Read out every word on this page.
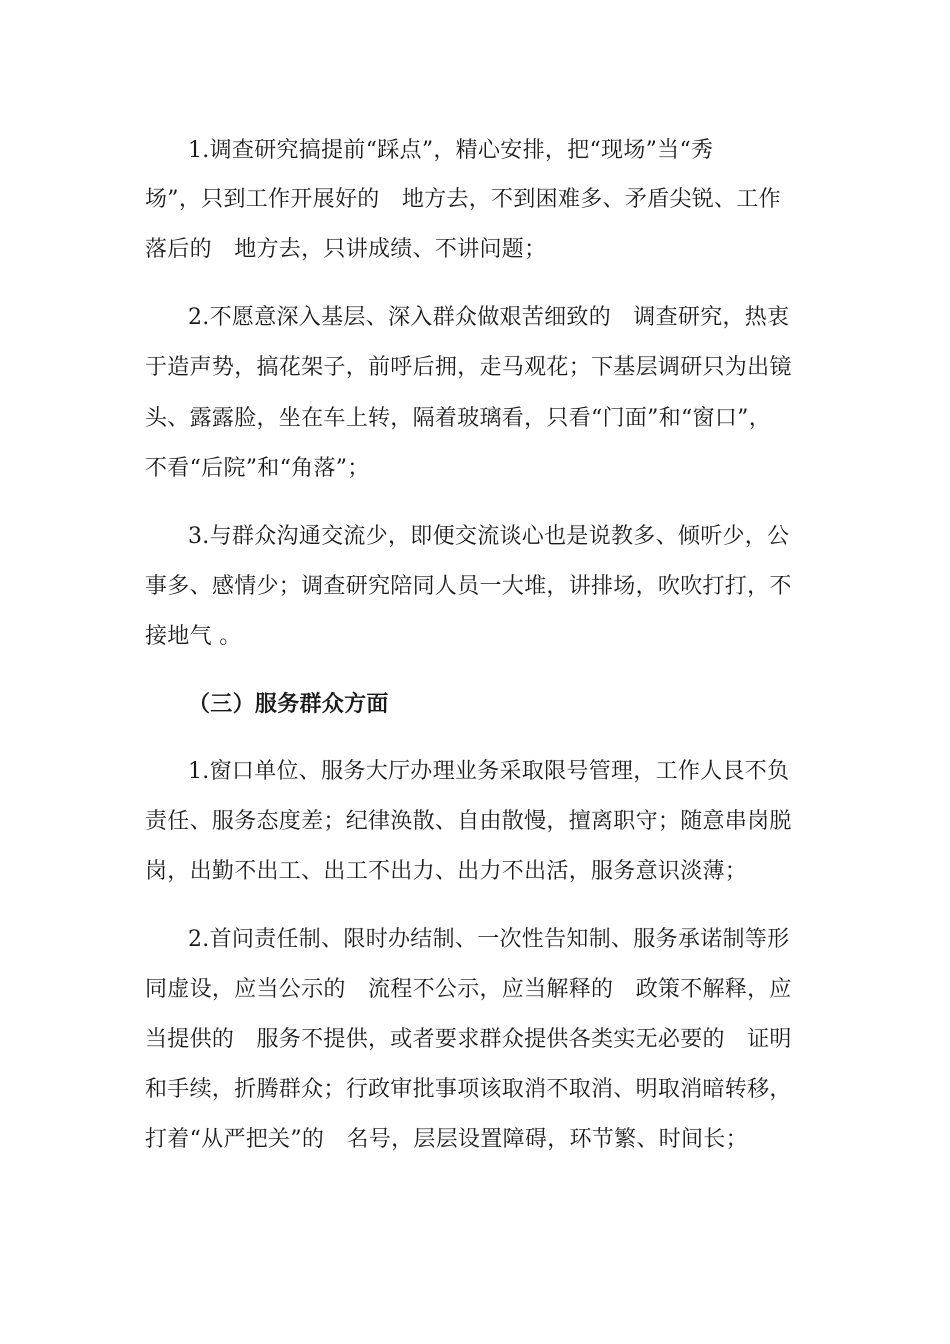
1.调查研究搞提前“踩点”，精心安排，把“现场”当“秀
场”，只到工作开展好的　地方去，不到困难多、矛盾尖锐、工作
落后的　地方去，只讲成绩、不讲问题；
2.不愿意深入基层、深入群众做艰苦细致的　调查研究，热衷
于造声势，搞花架子，前呼后拥，走马观花；下基层调研只为出镜
头、露露脸，坐在车上转，隔着玻璃看，只看“门面”和“窗口”，
不看“后院”和“角落”；
3.与群众沟通交流少，即便交流谈心也是说教多、倾听少，公
事多、感情少；调查研究陪同人员一大堆，讲排场，吹吹打打，不
接地气 。
（三）服务群众方面
1.窗口单位、服务大厅办理业务采取限号管理，工作人艮不负
责任、服务态度差；纪律涣散、自由散慢，擅离职守；随意串岗脱
岗，出勤不出工、出工不出力、出力不出活，服务意识淡薄；
2.首问责任制、限时办结制、一次性告知制、服务承诺制等形
同虚设，应当公示的　流程不公示，应当解释的　政策不解释，应
当提供的　服务不提供，或者要求群众提供各类实无必要的　证明
和手续，折腾群众；行政审批事项该取消不取消、明取消暗转移，
打着“从严把关”的　名号，层层设置障碍，环节繁、时间长；
